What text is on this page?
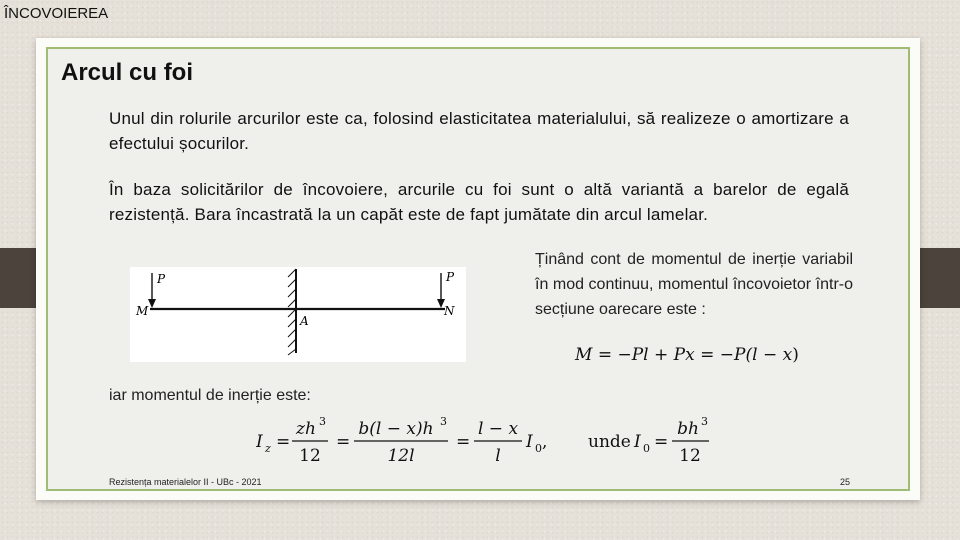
ÎNCOVOIEREA
Arcul cu foi
Unul din rolurile arcurilor este ca, folosind elasticitatea materialului, să realizeze o amortizare a efectului șocurilor.
În baza solicitărilor de încovoiere, arcurile cu foi sunt o altă variantă a barelor de egală rezistență. Bara încastrată la un capăt este de fapt jumătate din arcul lamelar.
P	P
M	N
A
Ținând cont de momentul de inerție variabil în mod continuu, momentul încovoietor într-o secțiune oarecare este :
M = −Pl + Px = −P(l − x)
iar momentul de inerție este:
I z =
zh 3
12
=
b(l − x)h 3
12l
=
l − x
l
I 0 , unde I 0 =
bh 3
12
Rezistența materialelor II - UBc - 2021	25
